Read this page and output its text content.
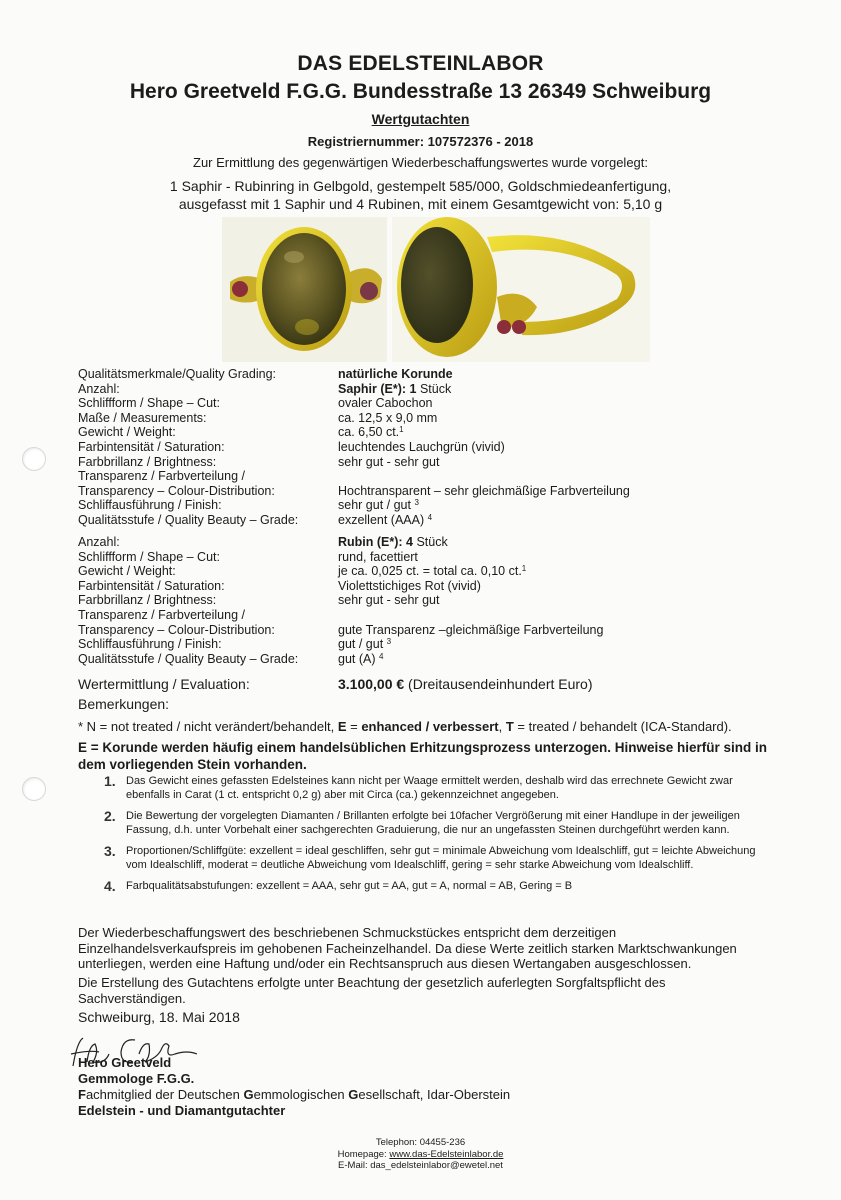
DAS EDELSTEINLABOR
Hero Greetveld F.G.G. Bundesstraße 13 26349 Schweiburg
Wertgutachten
Registriernummer: 107572376 - 2018
Zur Ermittlung des gegenwärtigen Wiederbeschaffungswertes wurde vorgelegt:
1 Saphir - Rubinring in Gelbgold, gestempelt 585/000, Goldschmiedeanfertigung,
ausgefasst mit 1 Saphir und 4 Rubinen, mit einem Gesamtgewicht von: 5,10 g
Qualitätsmerkmale/Quality Grading:	natürliche Korunde
Anzahl:	Saphir (E*): 1 Stück
Schliffform / Shape – Cut:	ovaler Cabochon
Maße / Measurements:	ca. 12,5 x 9,0 mm
Gewicht / Weight:	ca. 6,50 ct.$^1$
Farbintensität / Saturation:	leuchtendes Lauchgrün (vivid)
Farbbrillanz / Brightness:	sehr gut - sehr gut
Transparenz / Farbverteilung /
Transparency – Colour-Distribution:	Hochtransparent – sehr gleichmäßige Farbverteilung
Schliffausführung / Finish:	sehr gut / gut $^3$
Qualitätsstufe / Quality Beauty – Grade:	exzellent (AAA) $^4$
Anzahl:	Rubin (E*): 4 Stück
Schliffform / Shape – Cut:	rund, facettiert
Gewicht / Weight:	je ca. 0,025 ct. = total ca. 0,10 ct.$^1$
Farbintensität / Saturation:	Violettstichiges Rot (vivid)
Farbbrillanz / Brightness:	sehr gut - sehr gut
Transparenz / Farbverteilung /
Transparency – Colour-Distribution:	gute Transparenz –gleichmäßige Farbverteilung
Schliffausführung / Finish:	gut / gut $^3$
Qualitätsstufe / Quality Beauty – Grade:	gut (A) $^4$
Wertermittlung / Evaluation:	3.100,00 € (Dreitausendeinhundert Euro)
Bemerkungen:
* N = not treated / nicht verändert/behandelt, E = enhanced / verbessert, T = treated / behandelt (ICA-Standard).
E = Korunde werden häufig einem handelsüblichen Erhitzungsprozess unterzogen. Hinweise hierfür sind in dem vorliegenden Stein vorhanden.
1. Das Gewicht eines gefassten Edelsteines kann nicht per Waage ermittelt werden, deshalb wird das errechnete Gewicht zwar ebenfalls in Carat (1 ct. entspricht 0,2 g) aber mit Circa (ca.) gekennzeichnet angegeben.
2. Die Bewertung der vorgelegten Diamanten / Brillanten erfolgte bei 10facher Vergrößerung mit einer Handlupe in der jeweiligen Fassung, d.h. unter Vorbehalt einer sachgerechten Graduierung, die nur an ungefassten Steinen durchgeführt werden kann.
3. Proportionen/Schliffgüte: exzellent = ideal geschliffen, sehr gut = minimale Abweichung vom Idealschliff, gut = leichte Abweichung vom Idealschliff, moderat = deutliche Abweichung vom Idealschliff, gering = sehr starke Abweichung vom Idealschliff.
4. Farbqualitätsabstufungen: exzellent = AAA, sehr gut = AA, gut = A, normal = AB, Gering = B
Der Wiederbeschaffungswert des beschriebenen Schmuckstückes entspricht dem derzeitigen Einzelhandelsverkaufspreis im gehobenen Facheinzelhandel. Da diese Werte zeitlich starken Marktschwankungen unterliegen, werden eine Haftung und/oder ein Rechtsanspruch aus diesen Wertangaben ausgeschlossen.
Die Erstellung des Gutachtens erfolgte unter Beachtung der gesetzlich auferlegten Sorgfaltspflicht des Sachverständigen.
Schweiburg, 18. Mai 2018
Hero Greetveld
Gemmologe F.G.G.
Fachmitglied der Deutschen Gemmologischen Gesellschaft, Idar-Oberstein
Edelstein - und Diamantgutachter
Telephon: 04455-236
Homepage: www.das-Edelsteinlabor.de
E-Mail: das_edelsteinlabor@ewetel.net
